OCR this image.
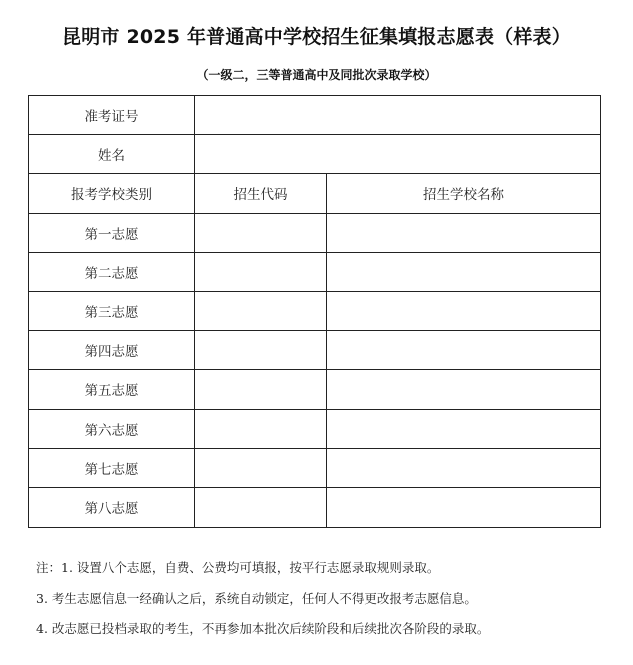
昆明市 2025 年普通高中学校招生征集填报志愿表（样表）
（一级二，三等普通高中及同批次录取学校）
准考证号		
姓名		
报考学校类别	招生代码	招生学校名称
第一志愿		
第二志愿		
第三志愿		
第四志愿		
第五志愿		
第六志愿		
第七志愿		
第八志愿		
注：1. 设置八个志愿，自费、公费均可填报，按平行志愿录取规则录取。
3. 考生志愿信息一经确认之后，系统自动锁定，任何人不得更改报考志愿信息。
4. 改志愿已投档录取的考生，不再参加本批次后续阶段和后续批次各阶段的录取。
